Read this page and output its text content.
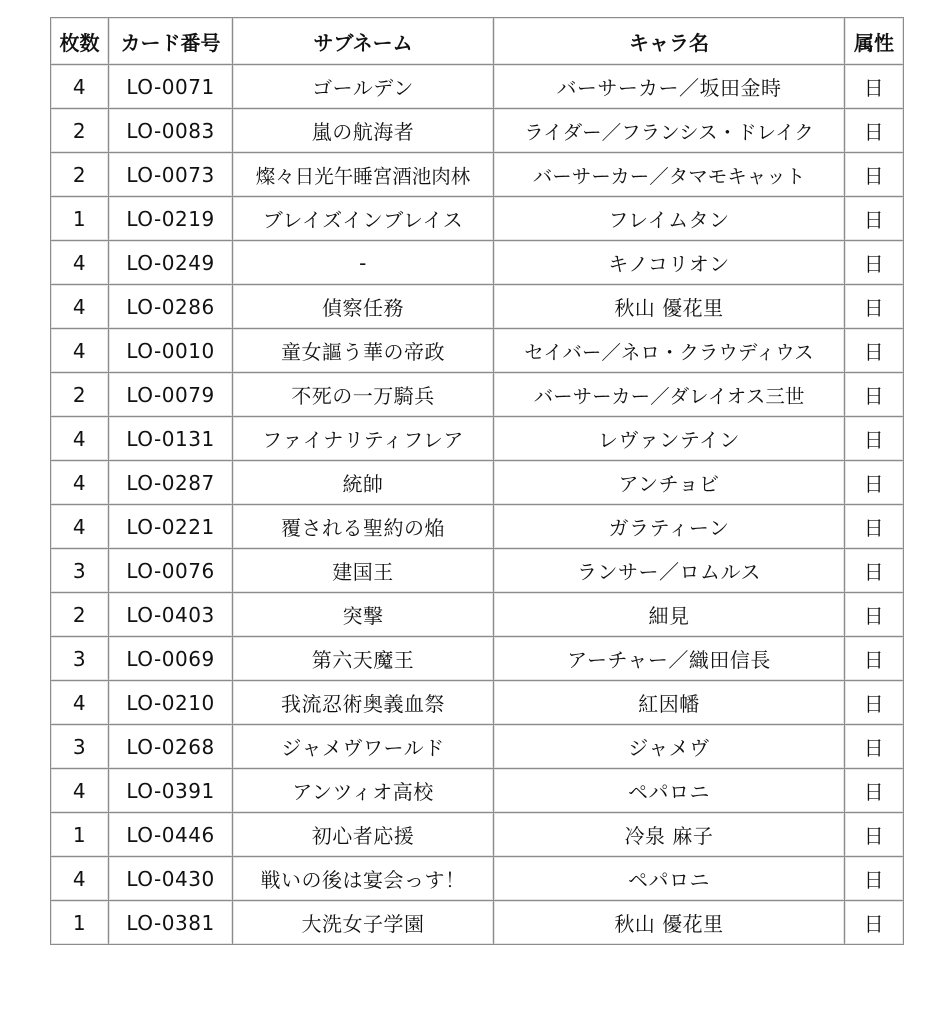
枚数	カード番号	サブネーム	キャラ名	属性
4	LO-0071	ゴールデン	バーサーカー／坂田金時	日
2	LO-0083	嵐の航海者	ライダー／フランシス・ドレイク	日
2	LO-0073	燦々日光午睡宮酒池肉林	バーサーカー／タマモキャット	日
1	LO-0219	ブレイズインブレイス	フレイムタン	日
4	LO-0249	-	キノコリオン	日
4	LO-0286	偵察任務	秋山 優花里	日
4	LO-0010	童女謳う華の帝政	セイバー／ネロ・クラウディウス	日
2	LO-0079	不死の一万騎兵	バーサーカー／ダレイオス三世	日
4	LO-0131	ファイナリティフレア	レヴァンテイン	日
4	LO-0287	統帥	アンチョビ	日
4	LO-0221	覆される聖約の焔	ガラティーン	日
3	LO-0076	建国王	ランサー／ロムルス	日
2	LO-0403	突撃	細見	日
3	LO-0069	第六天魔王	アーチャー／織田信長	日
4	LO-0210	我流忍術奥義血祭	紅因幡	日
3	LO-0268	ジャメヴワールド	ジャメヴ	日
4	LO-0391	アンツィオ高校	ペパロニ	日
1	LO-0446	初心者応援	冷泉 麻子	日
4	LO-0430	戦いの後は宴会っす！	ペパロニ	日
1	LO-0381	大洗女子学園	秋山 優花里	日
